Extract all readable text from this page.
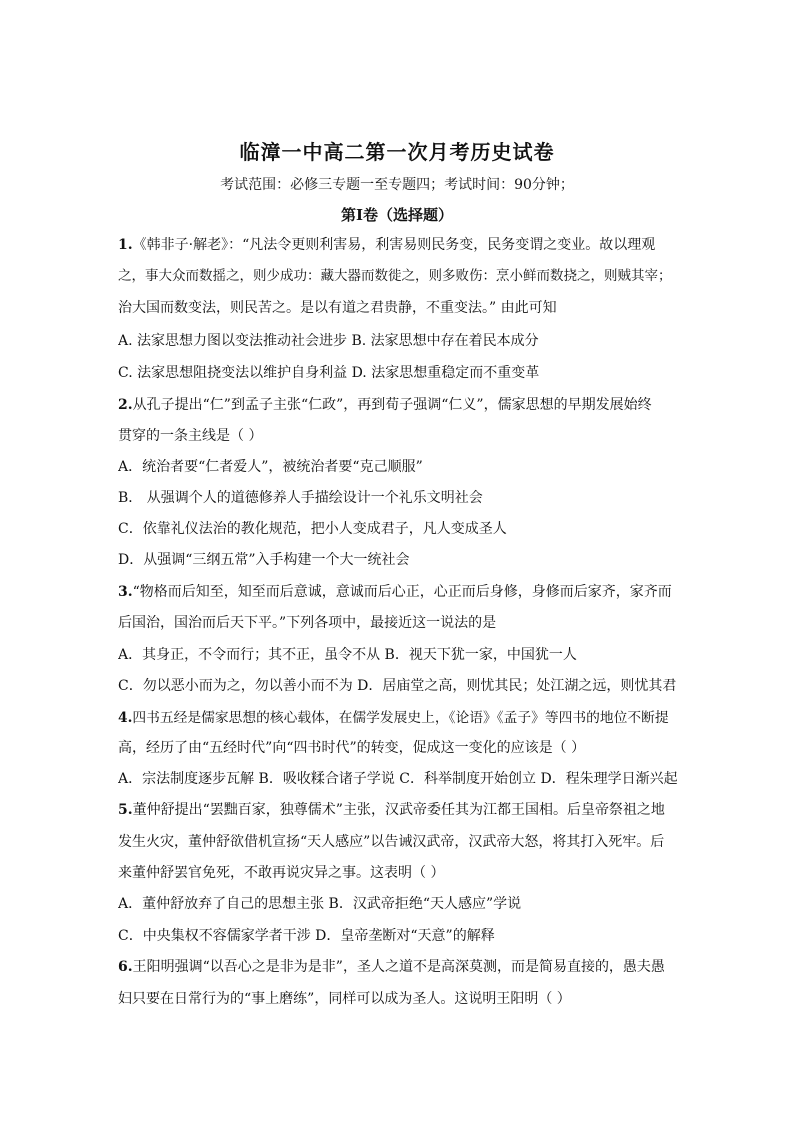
临漳一中高二第一次月考历史试卷
考试范围：必修三专题一至专题四；考试时间：90分钟；
第I卷（选择题）
1.《韩非子·解老》：“凡法令更则利害易，利害易则民务变，民务变谓之变业。故以理观
之，事大众而数摇之，则少成功：藏大器而数徙之，则多败伤：烹小鲜而数挠之，则贼其宰；
治大国而数变法，则民苦之。是以有道之君贵静，不重变法。” 由此可知
A. 法家思想力图以变法推动社会进步 B. 法家思想中存在着民本成分
C. 法家思想阻挠变法以维护自身利益 D. 法家思想重稳定而不重变革
2.从孔子提出“仁”到孟子主张“仁政”，再到荀子强调“仁义”，儒家思想的早期发展始终
贯穿的一条主线是（ ）
A．统治者要“仁者爱人”，被统治者要“克己顺服”
B． 从强调个人的道德修养人手描绘设计一个礼乐文明社会
C．依靠礼仪法治的教化规范，把小人变成君子，凡人变成圣人
D．从强调“三纲五常”入手构建一个大一统社会
3.“物格而后知至，知至而后意诚，意诚而后心正，心正而后身修，身修而后家齐，家齐而
后国治，国治而后天下平。”下列各项中，最接近这一说法的是
A．其身正，不令而行；其不正，虽令不从 B．视天下犹一家，中国犹一人
C．勿以恶小而为之，勿以善小而不为 D．居庙堂之高，则忧其民；处江湖之远，则忧其君
4.四书五经是儒家思想的核心载体，在儒学发展史上，《论语》《孟子》等四书的地位不断提
高，经历了由“五经时代”向“四书时代”的转变，促成这一变化的应该是（ ）
A．宗法制度逐步瓦解 B．吸收糅合诸子学说 C．科举制度开始创立 D．程朱理学日渐兴起
5.董仲舒提出“罢黜百家，独尊儒术”主张，汉武帝委任其为江都王国相。后皇帝祭祖之地
发生火灾，董仲舒欲借机宣扬“天人感应”以告诫汉武帝，汉武帝大怒，将其打入死牢。后
来董仲舒罢官免死，不敢再说灾异之事。这表明（ ）
A．董仲舒放弃了自己的思想主张 B．汉武帝拒绝“天人感应”学说
C．中央集权不容儒家学者干涉 D．皇帝垄断对“天意”的解释
6.王阳明强调“以吾心之是非为是非”，圣人之道不是高深莫测，而是简易直接的，愚夫愚
妇只要在日常行为的“事上磨练”，同样可以成为圣人。这说明王阳明（ ）
